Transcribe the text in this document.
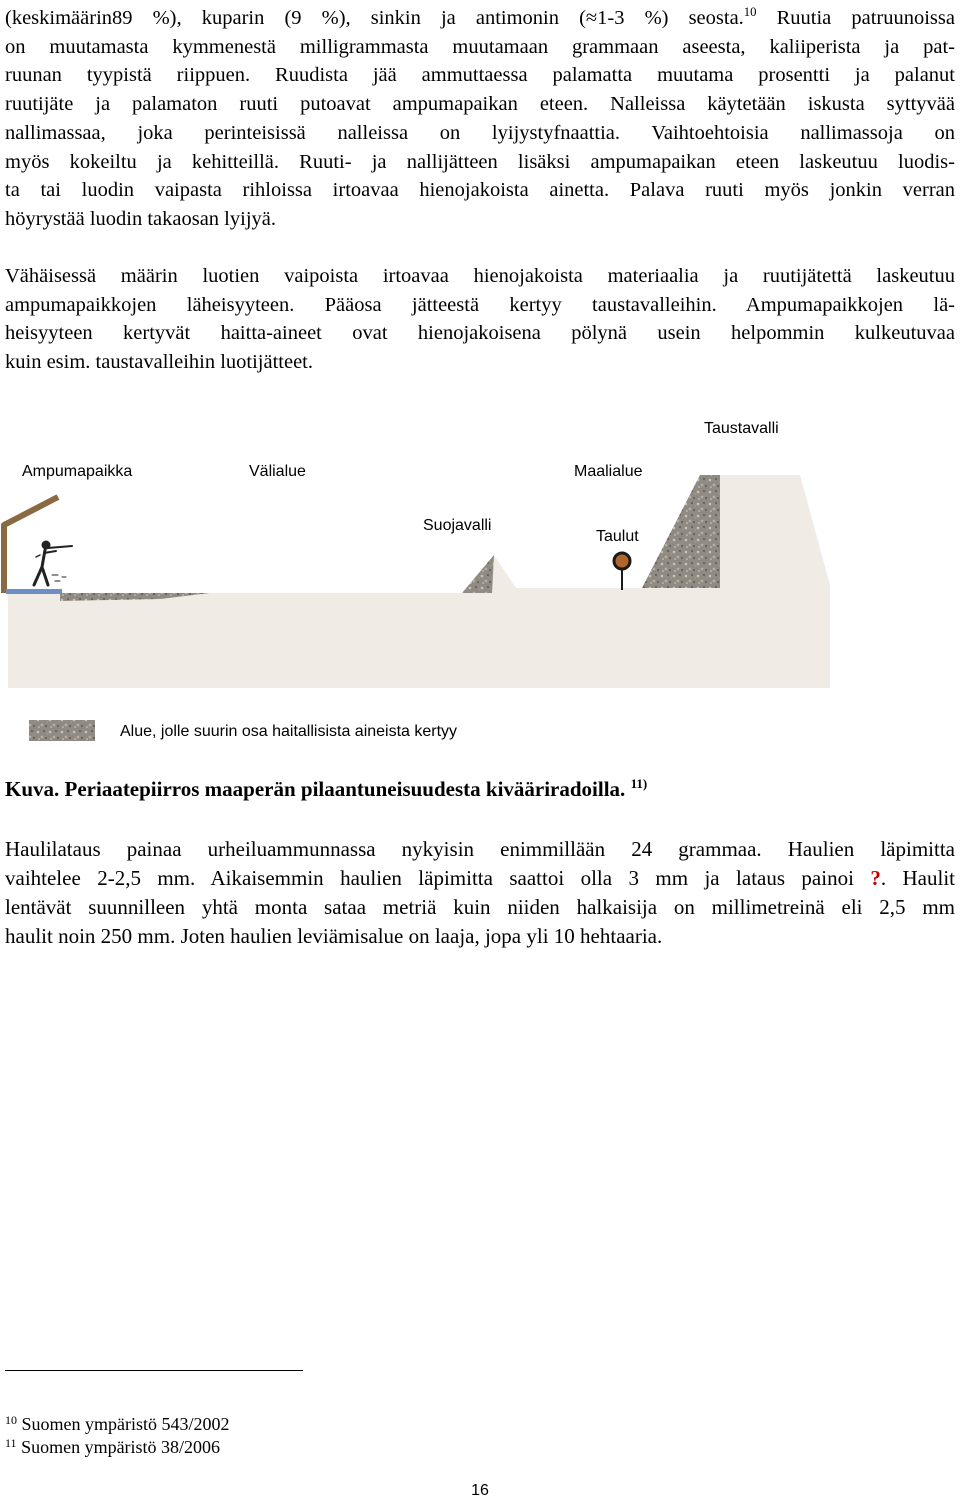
(keskimäärin89 %), kuparin (9 %), sinkin ja antimonin (≈1-3 %) seosta.$^{10}$ Ruutia patruunoissa
on muutamasta kymmenestä milligrammasta muutamaan grammaan aseesta, kaliiperista ja pat-
ruunan tyypistä riippuen. Ruudista jää ammuttaessa palamatta muutama prosentti ja palanut
ruutijäte ja palamaton ruuti putoavat ampumapaikan eteen. Nalleissa käytetään iskusta syttyvää
nallimassaa, joka perinteisissä nalleissa on lyijystyfnaattia. Vaihtoehtoisia nallimassoja on
myös kokeiltu ja kehitteillä. Ruuti- ja nallijätteen lisäksi ampumapaikan eteen laskeutuu luodis-
ta tai luodin vaipasta rihloissa irtoavaa hienojakoista ainetta. Palava ruuti myös jonkin verran
höyrystää luodin takaosan lyijyä.
Vähäisessä määrin luotien vaipoista irtoavaa hienojakoista materiaalia ja ruutijätettä laskeutuu
ampumapaikkojen läheisyyteen. Pääosa jätteestä kertyy taustavalleihin. Ampumapaikkojen lä-
heisyyteen kertyvät haitta-aineet ovat hienojakoisena pölynä usein helpommin kulkeutuvaa
kuin esim. taustavalleihin luotijätteet.
Taustavalli
Ampumapaikka	Välialue	Maalialue
Suojavalli
Taulut
Alue, jolle suurin osa haitallisista aineista kertyy

Kuva. Periaatepiirros maaperän pilaantuneisuudesta kivääriradoilla. $^{11)}$

Haulilataus painaa urheiluammunnassa nykyisin enimmillään 24 grammaa. Haulien läpimitta
vaihtelee 2-2,5 mm. Aikaisemmin haulien läpimitta saattoi olla 3 mm ja lataus painoi ?. Haulit
lentävät suunnilleen yhtä monta sataa metriä kuin niiden halkaisija on millimetreinä eli 2,5 mm
haulit noin 250 mm. Joten haulien leviämisalue on laaja, jopa yli 10 hehtaaria.

$^{10}$ Suomen ympäristö 543/2002

$^{11}$ Suomen ympäristö 38/2006

16
